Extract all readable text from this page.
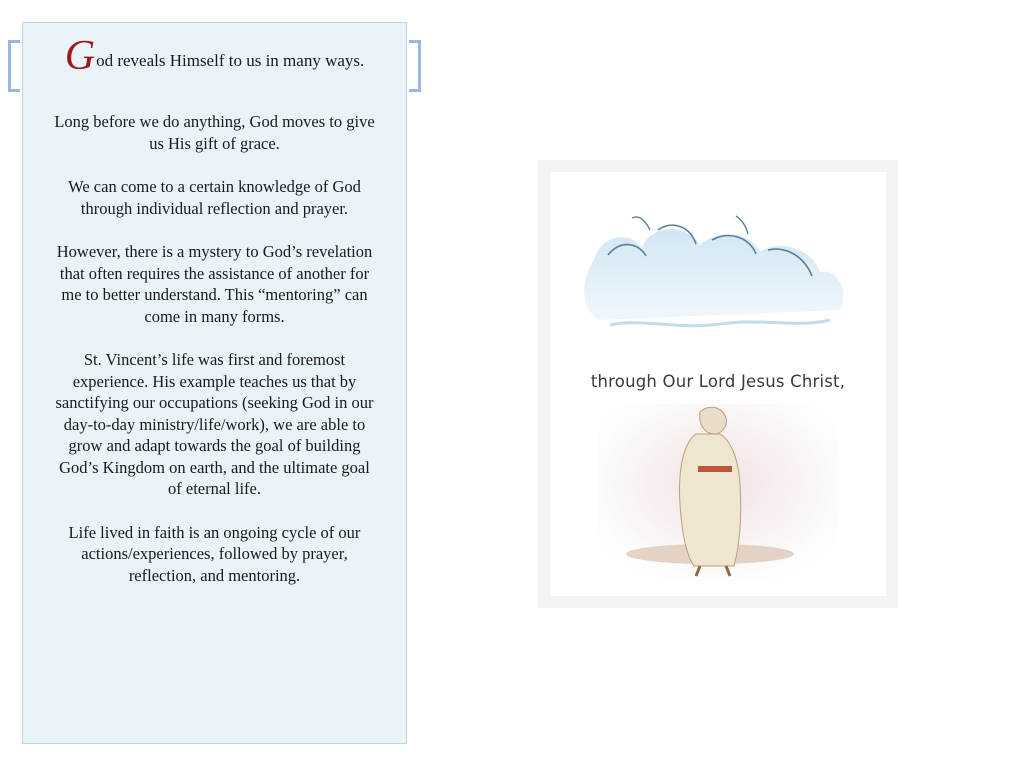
God reveals Himself to us in many ways.

Long before we do anything, God moves to give us His gift of grace.

We can come to a certain knowledge of God through individual reflection and prayer.

However, there is a mystery to God’s revelation that often requires the assistance of another for me to better understand. This “mentoring” can come in many forms.

St. Vincent’s life was first and foremost experience. His example teaches us that by sanctifying our occupations (seeking God in our day-to-day ministry/life/work), we are able to grow and adapt towards the goal of building God’s Kingdom on earth, and the ultimate goal of eternal life.

Life lived in faith is an ongoing cycle of our actions/experiences, followed by prayer, reflection, and mentoring.

through Our Lord Jesus Christ,
